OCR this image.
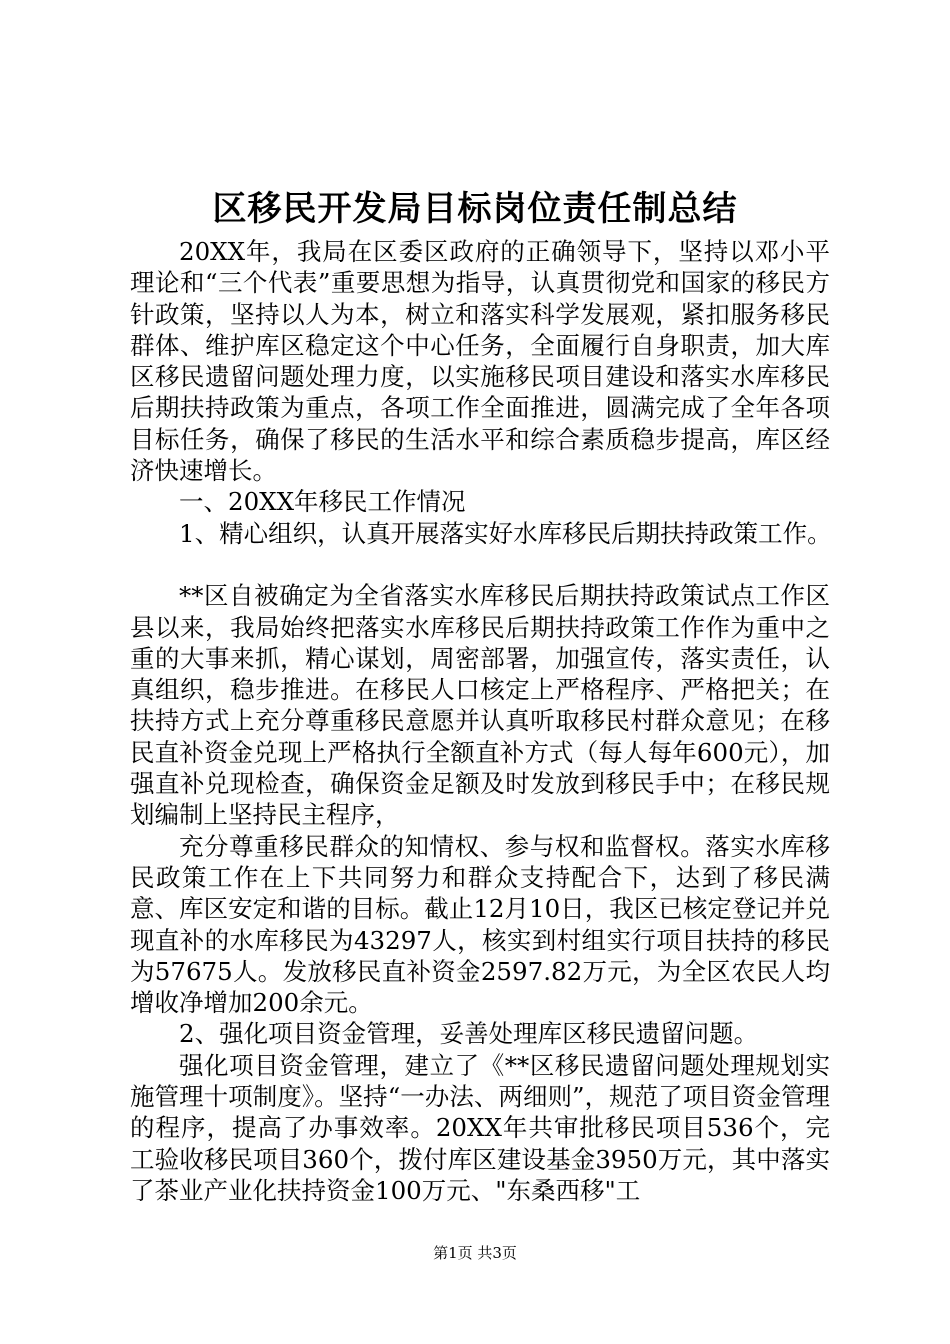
区移民开发局目标岗位责任制总结

20XX年，我局在区委区政府的正确领导下，坚持以邓小平理论和“三个代表”重要思想为指导，认真贯彻党和国家的移民方针政策，坚持以人为本，树立和落实科学发展观，紧扣服务移民群体、维护库区稳定这个中心任务，全面履行自身职责，加大库区移民遗留问题处理力度，以实施移民项目建设和落实水库移民后期扶持政策为重点，各项工作全面推进，圆满完成了全年各项目标任务，确保了移民的生活水平和综合素质稳步提高，库区经济快速增长。

一、20XX年移民工作情况

1、精心组织，认真开展落实好水库移民后期扶持政策工作。

**区自被确定为全省落实水库移民后期扶持政策试点工作区县以来，我局始终把落实水库移民后期扶持政策工作作为重中之重的大事来抓，精心谋划，周密部署，加强宣传，落实责任，认真组织，稳步推进。在移民人口核定上严格程序、严格把关；在扶持方式上充分尊重移民意愿并认真听取移民村群众意见；在移民直补资金兑现上严格执行全额直补方式（每人每年600元），加强直补兑现检查，确保资金足额及时发放到移民手中；在移民规划编制上坚持民主程序，

充分尊重移民群众的知情权、参与权和监督权。落实水库移民政策工作在上下共同努力和群众支持配合下，达到了移民满意、库区安定和谐的目标。截止12月10日，我区已核定登记并兑现直补的水库移民为43297人，核实到村组实行项目扶持的移民为57675人。发放移民直补资金2597.82万元，为全区农民人均增收净增加200余元。

2、强化项目资金管理，妥善处理库区移民遗留问题。

强化项目资金管理，建立了《**区移民遗留问题处理规划实施管理十项制度》。坚持“一办法、两细则”，规范了项目资金管理的程序，提高了办事效率。20XX年共审批移民项目536个，完工验收移民项目360个，拨付库区建设基金3950万元，其中落实了茶业产业化扶持资金100万元、"东桑西移"工

第1页 共3页
